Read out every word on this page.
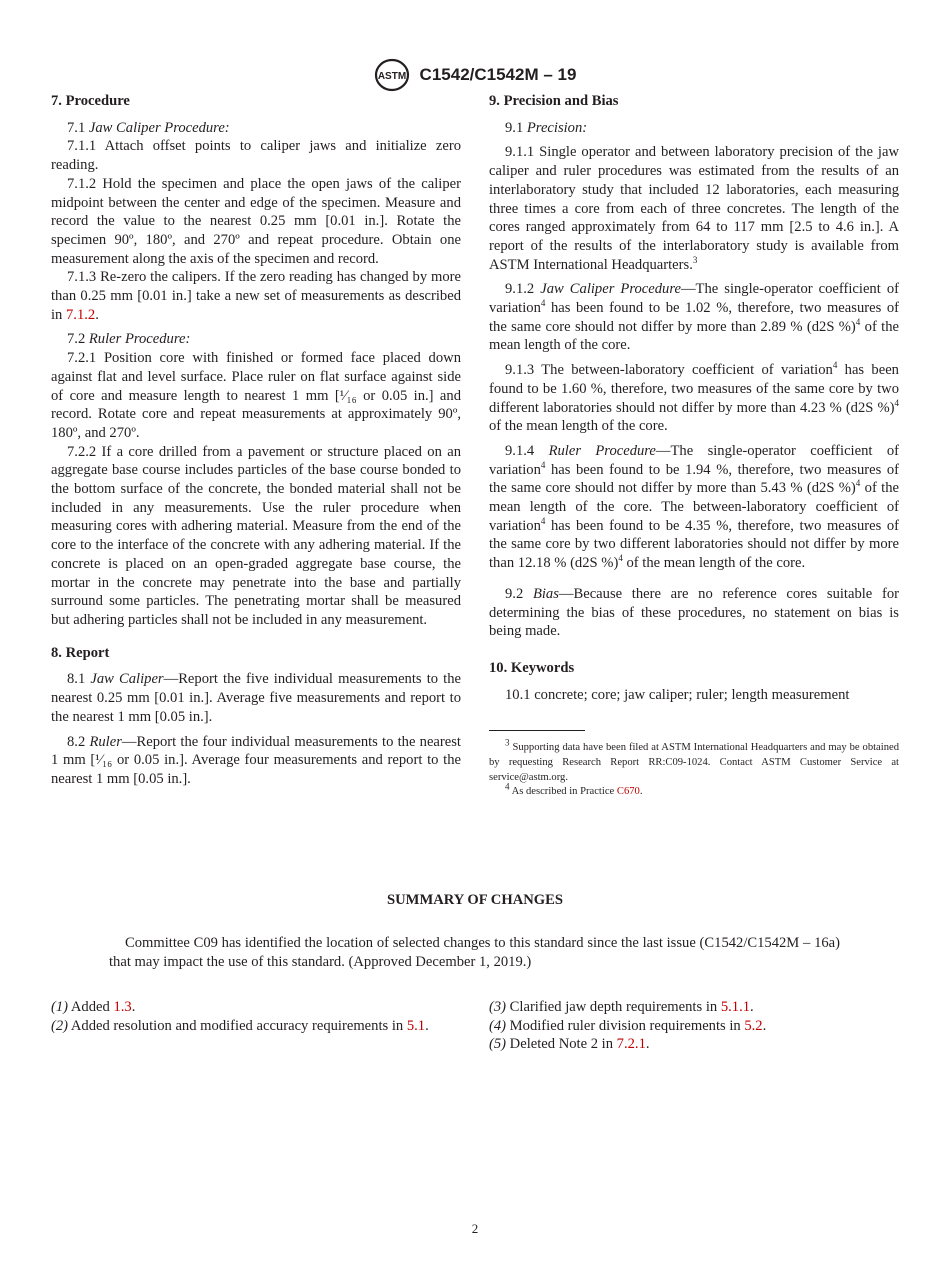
ASTM C1542/C1542M – 19
7. Procedure

7.1 Jaw Caliper Procedure:

7.1.1 Attach offset points to caliper jaws and initialize zero reading.

7.1.2 Hold the specimen and place the open jaws of the caliper midpoint between the center and edge of the specimen. Measure and record the value to the nearest 0.25 mm [0.01 in.]. Rotate the specimen 90º, 180º, and 270º and repeat procedure. Obtain one measurement along the axis of the specimen and record.

7.1.3 Re-zero the calipers. If the zero reading has changed by more than 0.25 mm [0.01 in.] take a new set of measurements as described in 7.1.2.

7.2 Ruler Procedure:

7.2.1 Position core with finished or formed face placed down against flat and level surface. Place ruler on flat surface against side of core and measure length to nearest 1 mm [¹⁄₁₆ or 0.05 in.] and record. Rotate core and repeat measurements at approximately 90º, 180º, and 270º.

7.2.2 If a core drilled from a pavement or structure placed on an aggregate base course includes particles of the base course bonded to the bottom surface of the concrete, the bonded material shall not be included in any measurements. Use the ruler procedure when measuring cores with adhering material. Measure from the end of the core to the interface of the concrete with any adhering material. If the concrete is placed on an open-graded aggregate base course, the mortar in the concrete may penetrate into the base and partially surround some particles. The penetrating mortar shall be measured but adhering particles shall not be included in any measurement.

8. Report

8.1 Jaw Caliper—Report the five individual measurements to the nearest 0.25 mm [0.01 in.]. Average five measurements and report to the nearest 1 mm [0.05 in.].

8.2 Ruler—Report the four individual measurements to the nearest 1 mm [¹⁄₁₆ or 0.05 in.]. Average four measurements and report to the nearest 1 mm [0.05 in.].

9. Precision and Bias

9.1 Precision:

9.1.1 Single operator and between laboratory precision of the jaw caliper and ruler procedures was estimated from the results of an interlaboratory study that included 12 laboratories, each measuring three times a core from each of three concretes. The length of the cores ranged approximately from 64 to 117 mm [2.5 to 4.6 in.]. A report of the results of the interlaboratory study is available from ASTM International Headquarters.$^3$

9.1.2 Jaw Caliper Procedure—The single-operator coefficient of variation$^4$ has been found to be 1.02 %, therefore, two measures of the same core should not differ by more than 2.89 % (d2S %)$^4$ of the mean length of the core.

9.1.3 The between-laboratory coefficient of variation$^4$ has been found to be 1.60 %, therefore, two measures of the same core by two different laboratories should not differ by more than 4.23 % (d2S %)$^4$ of the mean length of the core.

9.1.4 Ruler Procedure—The single-operator coefficient of variation$^4$ has been found to be 1.94 %, therefore, two measures of the same core should not differ by more than 5.43 % (d2S %)$^4$ of the mean length of the core. The between-laboratory coefficient of variation$^4$ has been found to be 4.35 %, therefore, two measures of the same core by two different laboratories should not differ by more than 12.18 % (d2S %)$^4$ of the mean length of the core.

9.2 Bias—Because there are no reference cores suitable for determining the bias of these procedures, no statement on bias is being made.

10. Keywords

10.1 concrete; core; jaw caliper; ruler; length measurement

$^3$ Supporting data have been filed at ASTM International Headquarters and may be obtained by requesting Research Report RR:C09-1024. Contact ASTM Customer Service at service@astm.org.
$^4$ As described in Practice C670.
SUMMARY OF CHANGES
Committee C09 has identified the location of selected changes to this standard since the last issue (C1542/C1542M – 16a) that may impact the use of this standard. (Approved December 1, 2019.)
(1) Added 1.3.
(2) Added resolution and modified accuracy requirements in 5.1.
(3) Clarified jaw depth requirements in 5.1.1.
(4) Modified ruler division requirements in 5.2.
(5) Deleted Note 2 in 7.2.1.
2
